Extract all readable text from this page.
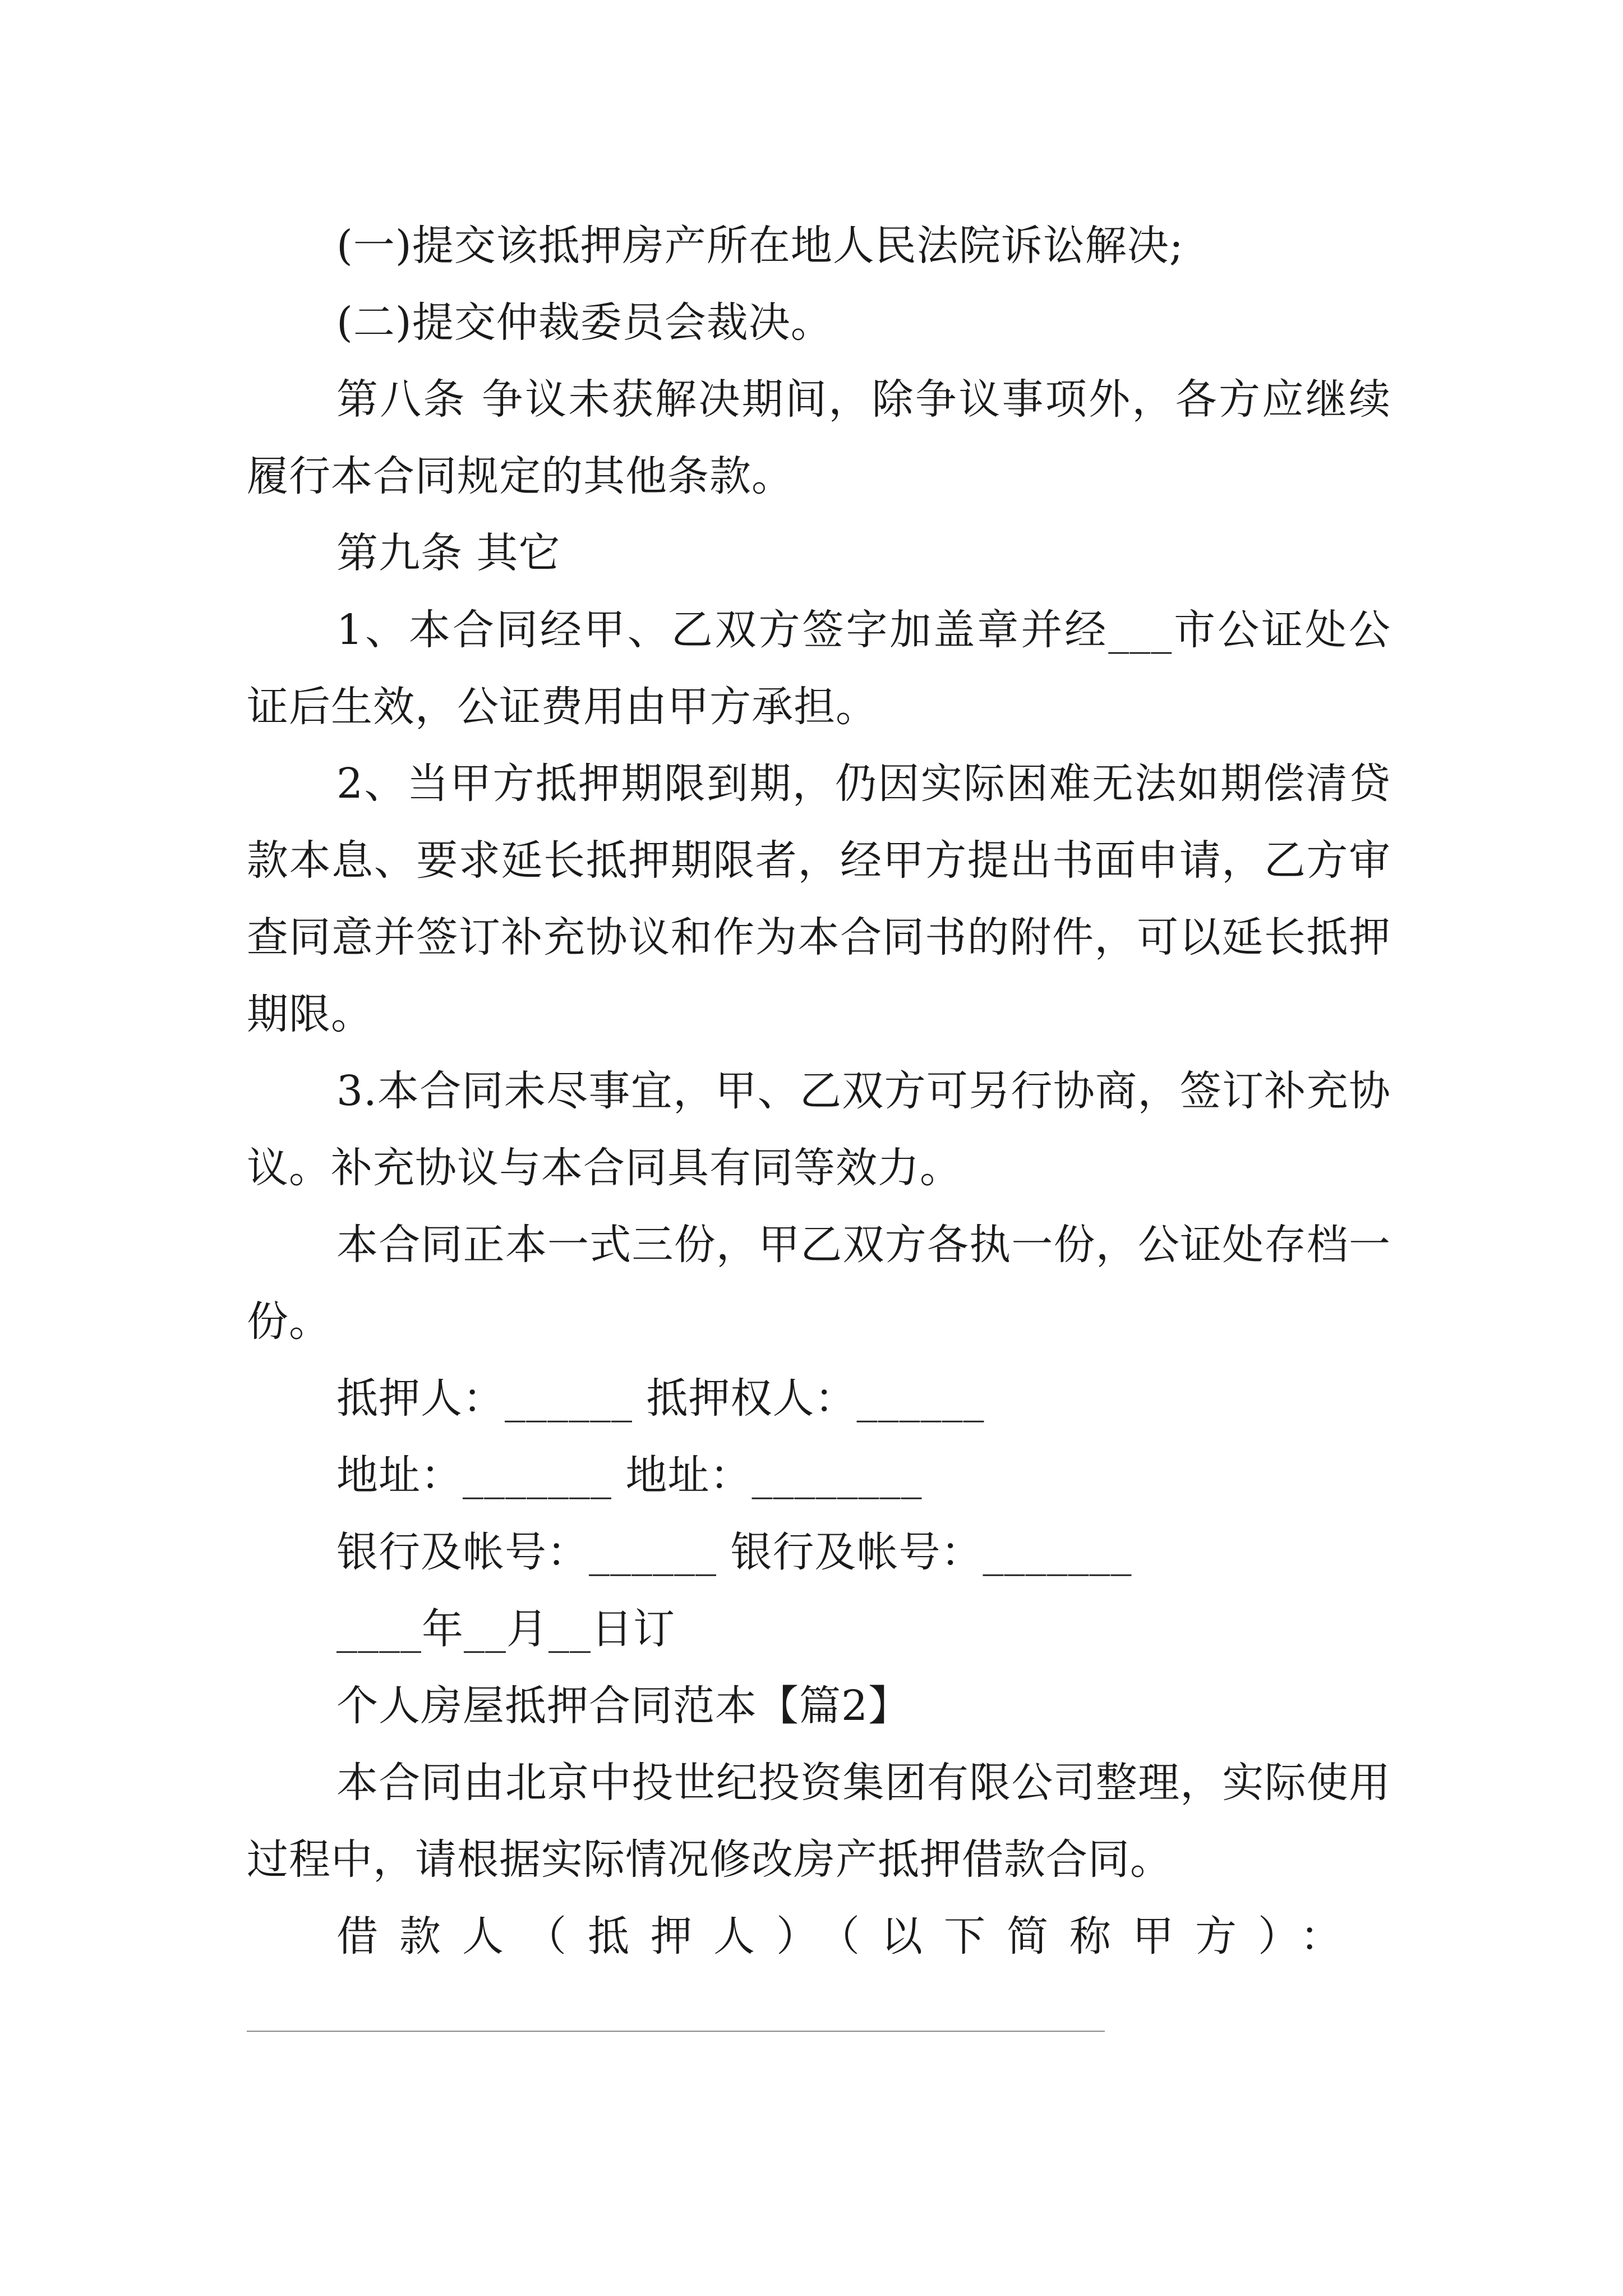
(一)提交该抵押房产所在地人民法院诉讼解决;

(二)提交仲裁委员会裁决。

第八条 争议未获解决期间，除争议事项外，各方应继续履行本合同规定的其他条款。

第九条 其它

1、本合同经甲、乙双方签字加盖章并经___市公证处公证后生效，公证费用由甲方承担。

2、当甲方抵押期限到期，仍因实际困难无法如期偿清贷款本息、要求延长抵押期限者，经甲方提出书面申请，乙方审查同意并签订补充协议和作为本合同书的附件，可以延长抵押期限。

3.本合同未尽事宜，甲、乙双方可另行协商，签订补充协议。补充协议与本合同具有同等效力。

本合同正本一式三份，甲乙双方各执一份，公证处存档一份。

抵押人：______ 抵押权人：______

地址：_______ 地址：________

银行及帐号：______ 银行及帐号：_______

____年__月__日订

个人房屋抵押合同范本【篇2】

本合同由北京中投世纪投资集团有限公司整理，实际使用过程中，请根据实际情况修改房产抵押借款合同。

借款人（抵押人）（以下简称甲方）：
